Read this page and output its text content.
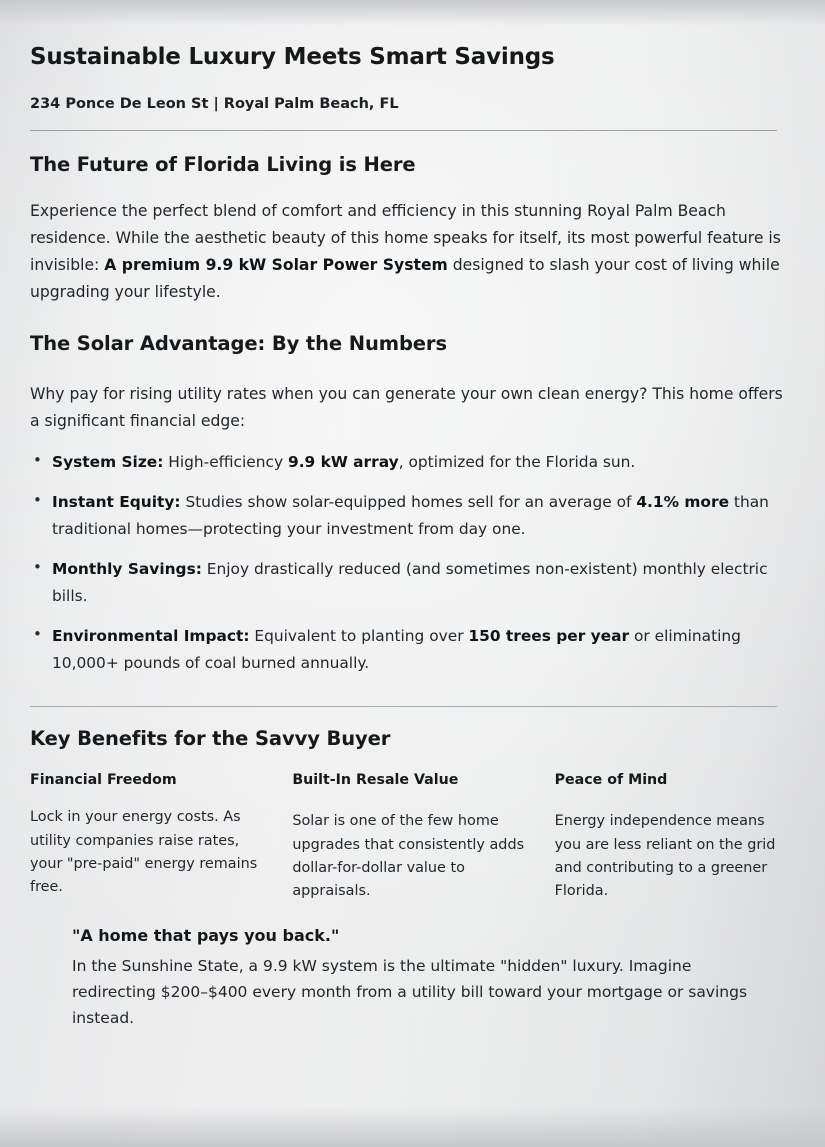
Sustainable Luxury Meets Smart Savings
234 Ponce De Leon St | Royal Palm Beach, FL
The Future of Florida Living is Here

Experience the perfect blend of comfort and efficiency in this stunning Royal Palm Beach residence. While the aesthetic beauty of this home speaks for itself, its most powerful feature is invisible: A premium 9.9 kW Solar Power System designed to slash your cost of living while upgrading your lifestyle.

The Solar Advantage: By the Numbers

Why pay for rising utility rates when you can generate your own clean energy? This home offers a significant financial edge:

• System Size: High-efficiency 9.9 kW array, optimized for the Florida sun.
• Instant Equity: Studies show solar-equipped homes sell for an average of 4.1% more than traditional homes—protecting your investment from day one.
• Monthly Savings: Enjoy drastically reduced (and sometimes non-existent) monthly electric bills.
• Environmental Impact: Equivalent to planting over 150 trees per year or eliminating 10,000+ pounds of coal burned annually.
Key Benefits for the Savvy Buyer
Financial Freedom

Lock in your energy costs. As utility companies raise rates, your "pre-paid" energy remains free.

Built-In Resale Value

Solar is one of the few home upgrades that consistently adds dollar-for-dollar value to appraisals.

Peace of Mind

Energy independence means you are less reliant on the grid and contributing to a greener Florida.

"A home that pays you back."

In the Sunshine State, a 9.9 kW system is the ultimate "hidden" luxury. Imagine redirecting $200–$400 every month from a utility bill toward your mortgage or savings instead.
